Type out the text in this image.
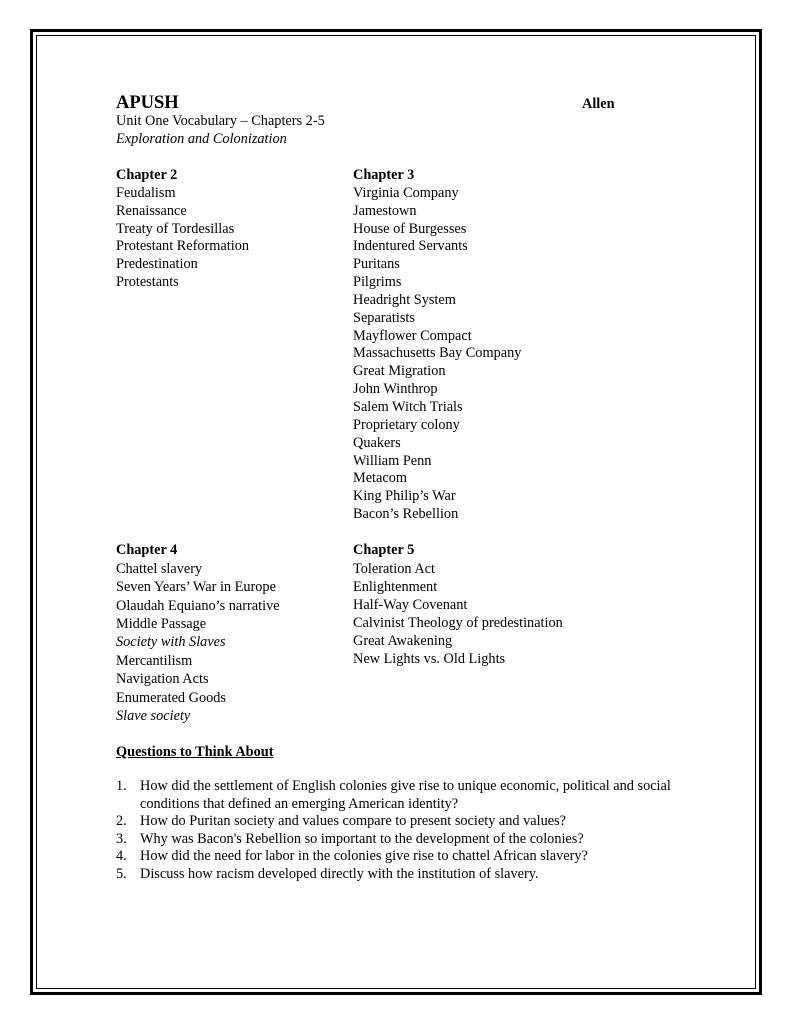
APUSH	Allen
Unit One Vocabulary – Chapters 2-5
Exploration and Colonization
Chapter 2
Feudalism
Renaissance
Treaty of Tordesillas
Protestant Reformation
Predestination
Protestants
Chapter 3
Virginia Company
Jamestown
House of Burgesses
Indentured Servants
Puritans
Pilgrims
Headright System
Separatists
Mayflower Compact
Massachusetts Bay Company
Great Migration
John Winthrop
Salem Witch Trials
Proprietary colony
Quakers
William Penn
Metacom
King Philip’s War
Bacon’s Rebellion
Chapter 4
Chattel slavery
Seven Years’ War in Europe
Olaudah Equiano’s narrative
Middle Passage
Society with Slaves
Mercantilism
Navigation Acts
Enumerated Goods
Slave society
Chapter 5
Toleration Act
Enlightenment
Half-Way Covenant
Calvinist Theology of predestination
Great Awakening
New Lights vs. Old Lights
Questions to Think About
1. How did the settlement of English colonies give rise to unique economic, political and social conditions that defined an emerging American identity?
2. How do Puritan society and values compare to present society and values?
3. Why was Bacon's Rebellion so important to the development of the colonies?
4. How did the need for labor in the colonies give rise to chattel African slavery?
5. Discuss how racism developed directly with the institution of slavery.
